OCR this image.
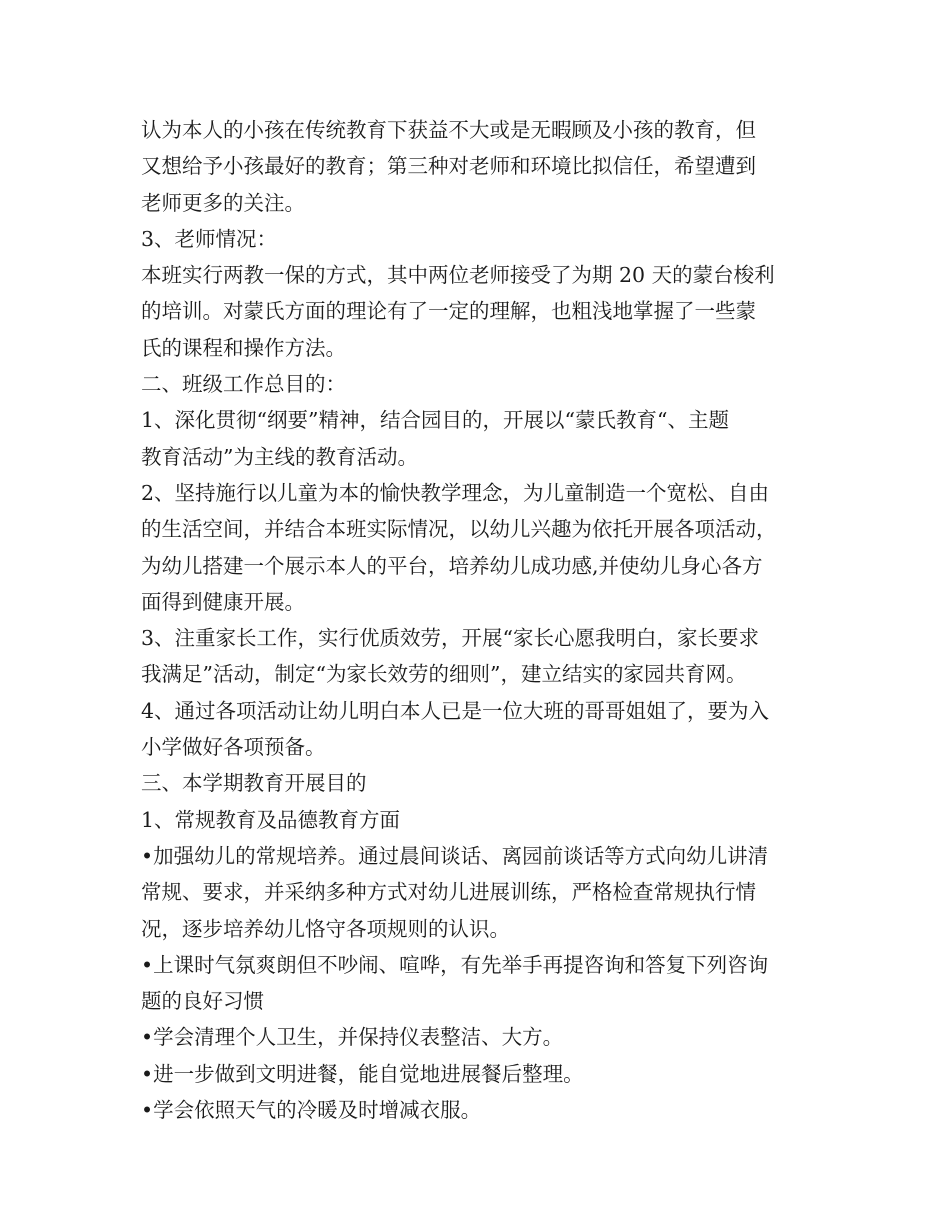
认为本人的小孩在传统教育下获益不大或是无暇顾及小孩的教育，但
又想给予小孩最好的教育；第三种对老师和环境比拟信任，希望遭到
老师更多的关注。
3、老师情况：
本班实行两教一保的方式，其中两位老师接受了为期 20 天的蒙台梭利
的培训。对蒙氏方面的理论有了一定的理解，也粗浅地掌握了一些蒙
氏的课程和操作方法。
二、班级工作总目的：
1、深化贯彻“纲要”精神，结合园目的，开展以“蒙氏教育“、主题
教育活动”为主线的教育活动。
2、坚持施行以儿童为本的愉快教学理念，为儿童制造一个宽松、自由
的生活空间，并结合本班实际情况，以幼儿兴趣为依托开展各项活动，
为幼儿搭建一个展示本人的平台，培养幼儿成功感,并使幼儿身心各方
面得到健康开展。
3、注重家长工作，实行优质效劳，开展“家长心愿我明白，家长要求
我满足”活动，制定“为家长效劳的细则”，建立结实的家园共育网。
4、通过各项活动让幼儿明白本人已是一位大班的哥哥姐姐了，要为入
小学做好各项预备。
三、本学期教育开展目的
1、常规教育及品德教育方面
•加强幼儿的常规培养。通过晨间谈话、离园前谈话等方式向幼儿讲清
常规、要求，并采纳多种方式对幼儿进展训练，严格检查常规执行情
况，逐步培养幼儿恪守各项规则的认识。
•上课时气氛爽朗但不吵闹、喧哗，有先举手再提咨询和答复下列咨询
题的良好习惯
•学会清理个人卫生，并保持仪表整洁、大方。
•进一步做到文明进餐，能自觉地进展餐后整理。
•学会依照天气的冷暖及时增减衣服。
